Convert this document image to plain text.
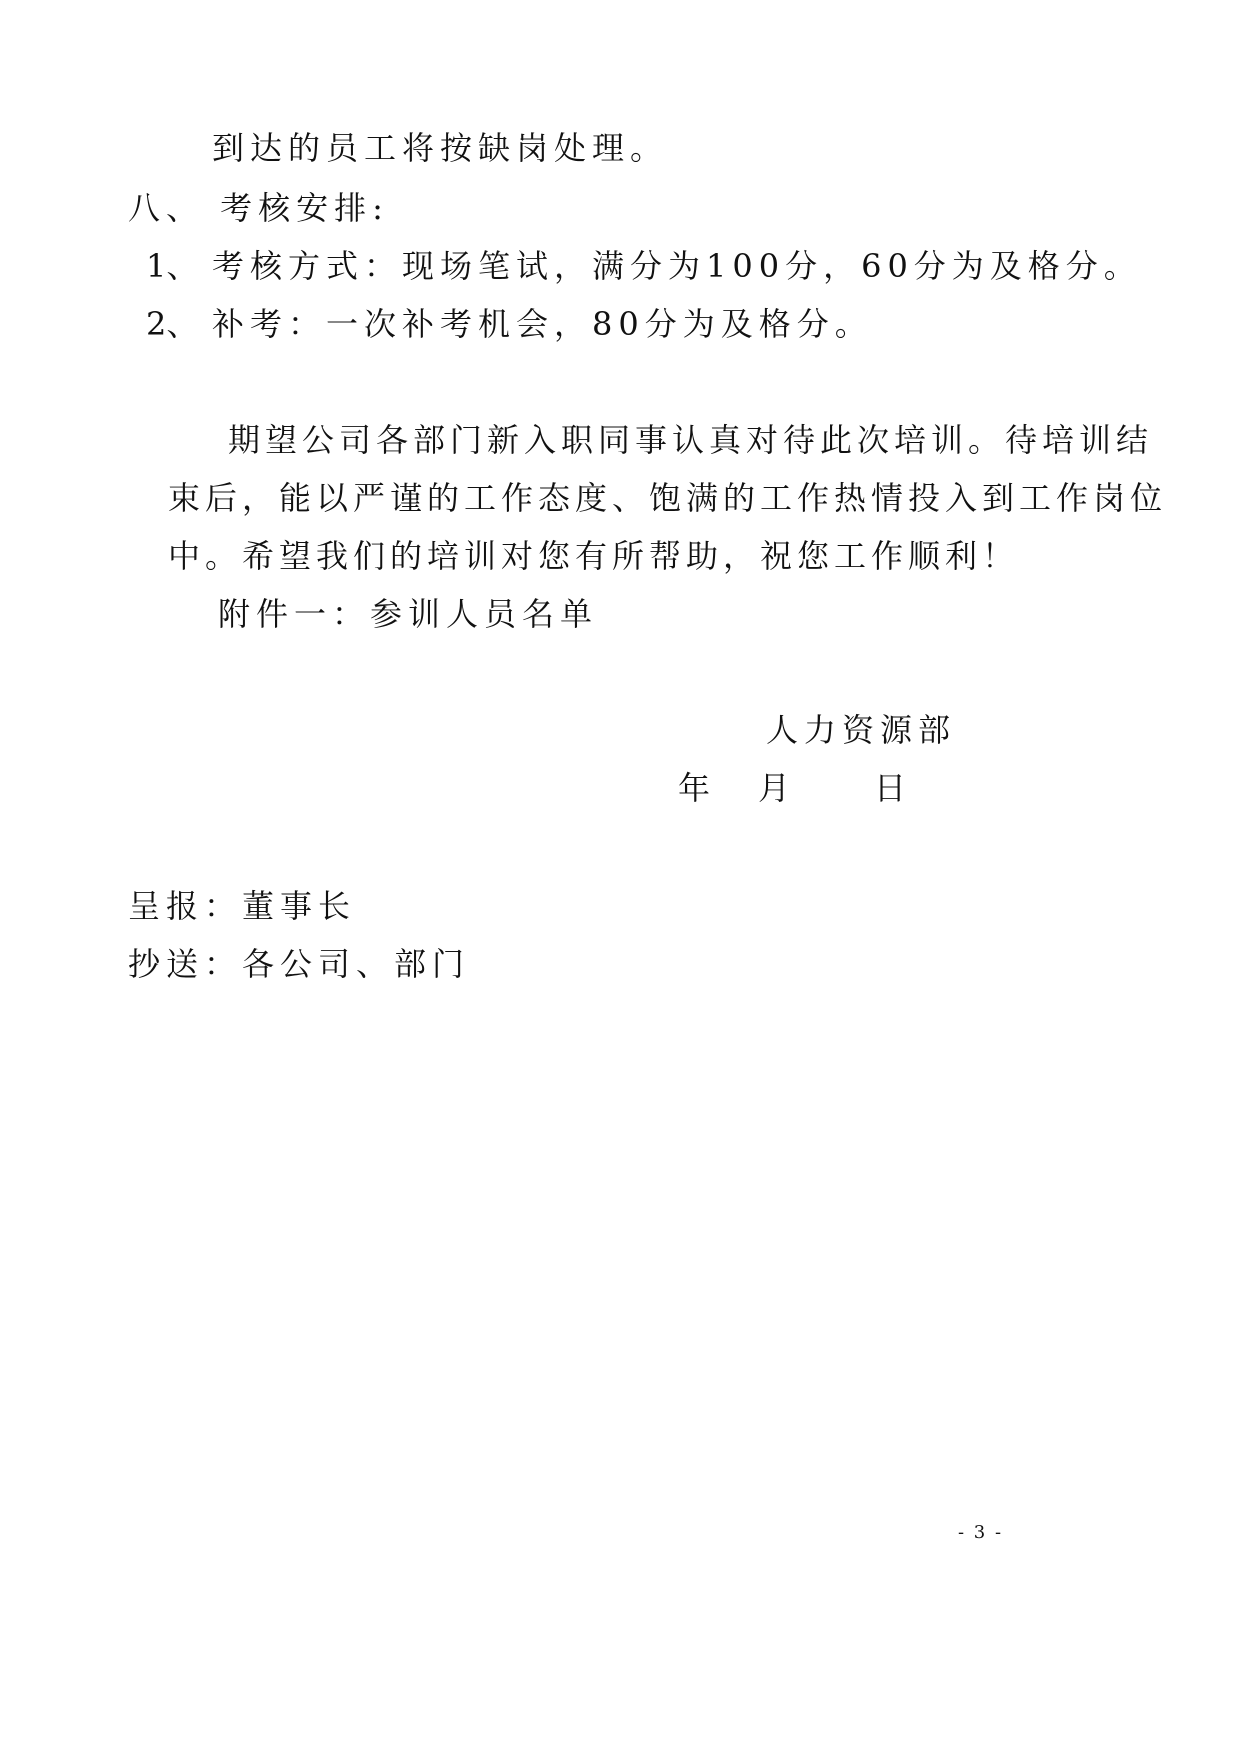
到达的员工将按缺岗处理。
八、 考核安排:
1、 考核方式：现场笔试，满分为100分，60分为及格分。
2、 补考：一次补考机会，80分为及格分。
期望公司各部门新入职同事认真对待此次培训。待培训结
束后，能以严谨的工作态度、饱满的工作热情投入到工作岗位
中。希望我们的培训对您有所帮助，祝您工作顺利！
附件一：参训人员名单
人力资源部
年 月 日
呈报：董事长
抄送：各公司、部门
- 3 -
